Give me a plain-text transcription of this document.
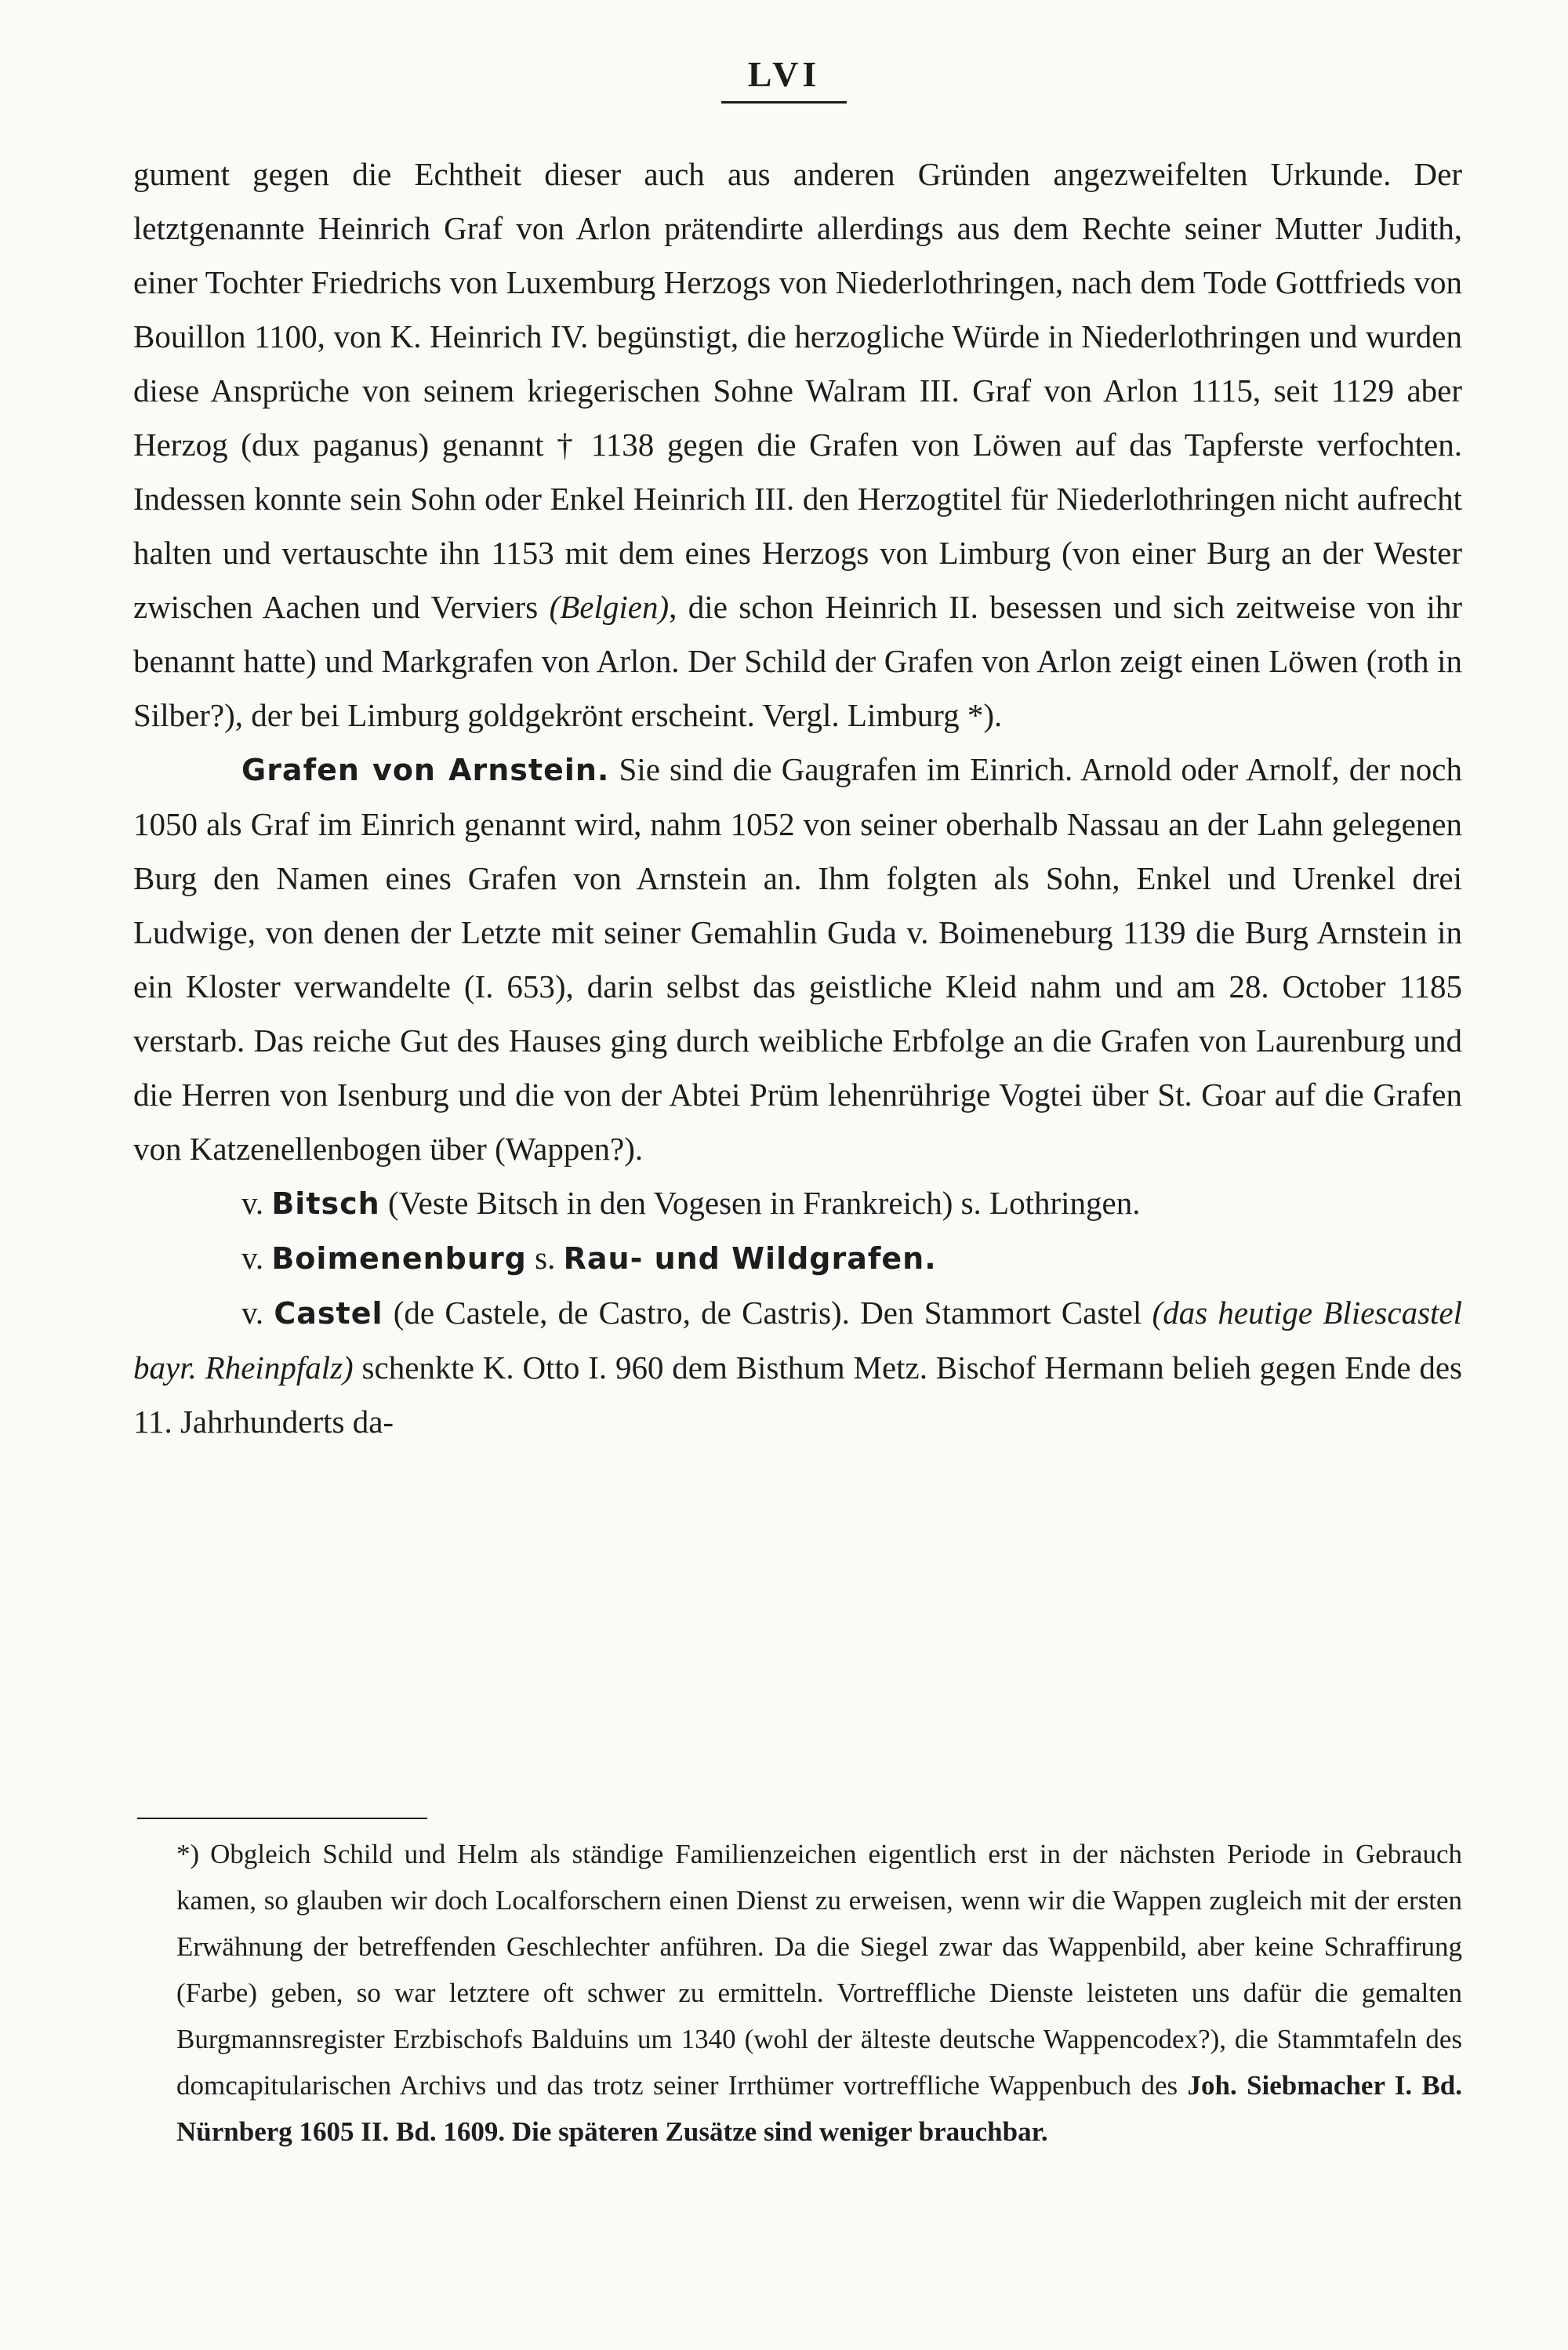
LVI

gument gegen die Echtheit dieser auch aus anderen Gründen angezweifelten Urkunde. Der letztgenannte Heinrich Graf von Arlon prätendirte allerdings aus dem Rechte seiner Mutter Judith, einer Tochter Friedrichs von Luxemburg Herzogs von Niederlothringen, nach dem Tode Gottfrieds von Bouillon 1100, von K. Heinrich IV. begünstigt, die herzogliche Würde in Niederlothringen und wurden diese Ansprüche von seinem kriegerischen Sohne Walram III. Graf von Arlon 1115, seit 1129 aber Herzog (dux paganus) genannt † 1138 gegen die Grafen von Löwen auf das Tapferste verfochten. Indessen konnte sein Sohn oder Enkel Heinrich III. den Herzogtitel für Niederlothringen nicht aufrecht halten und vertauschte ihn 1153 mit dem eines Herzogs von Limburg (von einer Burg an der Wester zwischen Aachen und Verviers (Belgien), die schon Heinrich II. besessen und sich zeitweise von ihr benannt hatte) und Markgrafen von Arlon. Der Schild der Grafen von Arlon zeigt einen Löwen (roth in Silber?), der bei Limburg goldgekrönt erscheint. Vergl. Limburg *).

Grafen von Arnstein. Sie sind die Gaugrafen im Einrich. Arnold oder Arnolf, der noch 1050 als Graf im Einrich genannt wird, nahm 1052 von seiner oberhalb Nassau an der Lahn gelegenen Burg den Namen eines Grafen von Arnstein an. Ihm folgten als Sohn, Enkel und Urenkel drei Ludwige, von denen der Letzte mit seiner Gemahlin Guda v. Boimeneburg 1139 die Burg Arnstein in ein Kloster verwandelte (I. 653), darin selbst das geistliche Kleid nahm und am 28. October 1185 verstarb. Das reiche Gut des Hauses ging durch weibliche Erbfolge an die Grafen von Laurenburg und die Herren von Isenburg und die von der Abtei Prüm lehenrührige Vogtei über St. Goar auf die Grafen von Katzenellenbogen über (Wappen?).

v. Bitsch (Veste Bitsch in den Vogesen in Frankreich) s. Lothringen.

v. Boimenenburg s. Rau- und Wildgrafen.

v. Castel (de Castele, de Castro, de Castris). Den Stammort Castel (das heutige Bliescastel bayr. Rheinpfalz) schenkte K. Otto I. 960 dem Bisthum Metz. Bischof Hermann belieh gegen Ende des 11. Jahrhunderts da-

*) Obgleich Schild und Helm als ständige Familienzeichen eigentlich erst in der nächsten Periode in Gebrauch kamen, so glauben wir doch Localforschern einen Dienst zu erweisen, wenn wir die Wappen zugleich mit der ersten Erwähnung der betreffenden Geschlechter anführen. Da die Siegel zwar das Wappenbild, aber keine Schraffirung (Farbe) geben, so war letztere oft schwer zu ermitteln. Vortreffliche Dienste leisteten uns dafür die gemalten Burgmannsregister Erzbischofs Balduins um 1340 (wohl der älteste deutsche Wappencodex?), die Stammtafeln des domcapitularischen Archivs und das trotz seiner Irrthümer vortreffliche Wappenbuch des Joh. Siebmacher I. Bd. Nürnberg 1605 II. Bd. 1609. Die späteren Zusätze sind weniger brauchbar.
